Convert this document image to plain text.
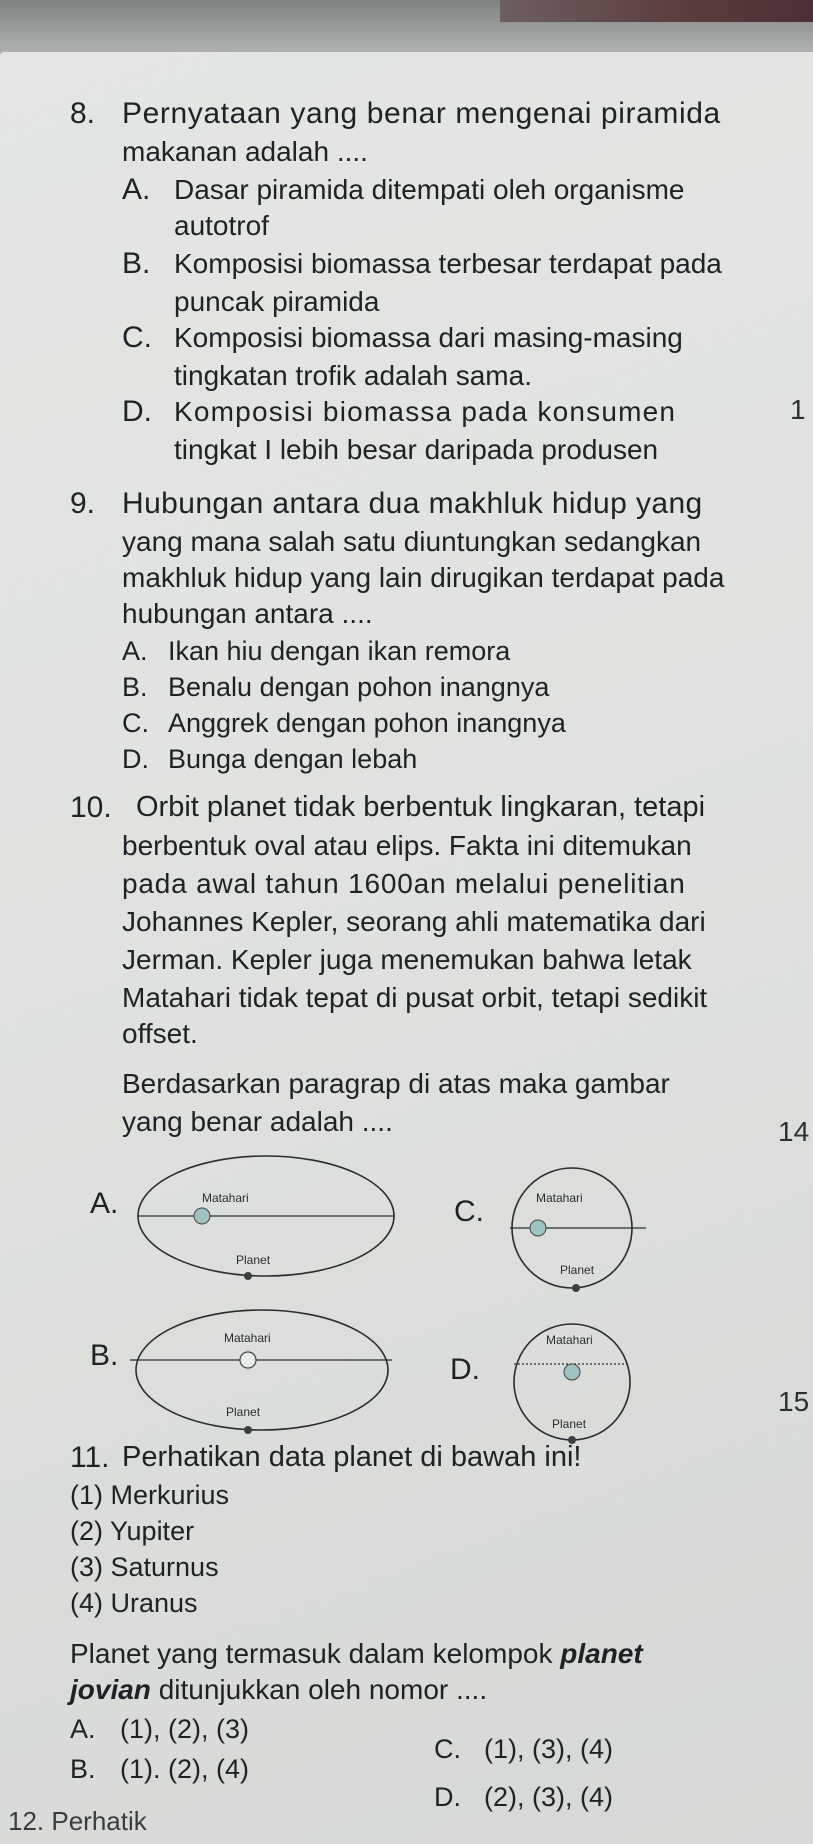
8. Pernyataan yang benar mengenai piramida
makanan adalah ....
A. Dasar piramida ditempati oleh organisme
autotrof
B. Komposisi biomassa terbesar terdapat pada
puncak piramida
C. Komposisi biomassa dari masing-masing
tingkatan trofik adalah sama.
D. Komposisi biomassa pada konsumen
tingkat I lebih besar daripada produsen
1
9. Hubungan antara dua makhluk hidup yang
yang mana salah satu diuntungkan sedangkan
makhluk hidup yang lain dirugikan terdapat pada
hubungan antara ....
A. Ikan hiu dengan ikan remora
B. Benalu dengan pohon inangnya
C. Anggrek dengan pohon inangnya
D. Bunga dengan lebah
10. Orbit planet tidak berbentuk lingkaran, tetapi
berbentuk oval atau elips. Fakta ini ditemukan
pada awal tahun 1600an melalui penelitian
Johannes Kepler, seorang ahli matematika dari
Jerman. Kepler juga menemukan bahwa letak
Matahari tidak tepat di pusat orbit, tetapi sedikit
offset.
Berdasarkan paragrap di atas maka gambar
yang benar adalah ....
A.	Matahari
Planet
C.	Matahari
Planet
B.
Matahari
Planet
D.
Matahari
Planet
14
15
11. Perhatikan data planet di bawah ini!
(1) Merkurius
(2) Yupiter
(3) Saturnus
(4) Uranus
Planet yang termasuk dalam kelompok planet
jovian ditunjukkan oleh nomor ....
A. (1), (2), (3)
B. (1). (2), (4)
C. (1), (3), (4)
D. (2), (3), (4)
12. Perhatik
